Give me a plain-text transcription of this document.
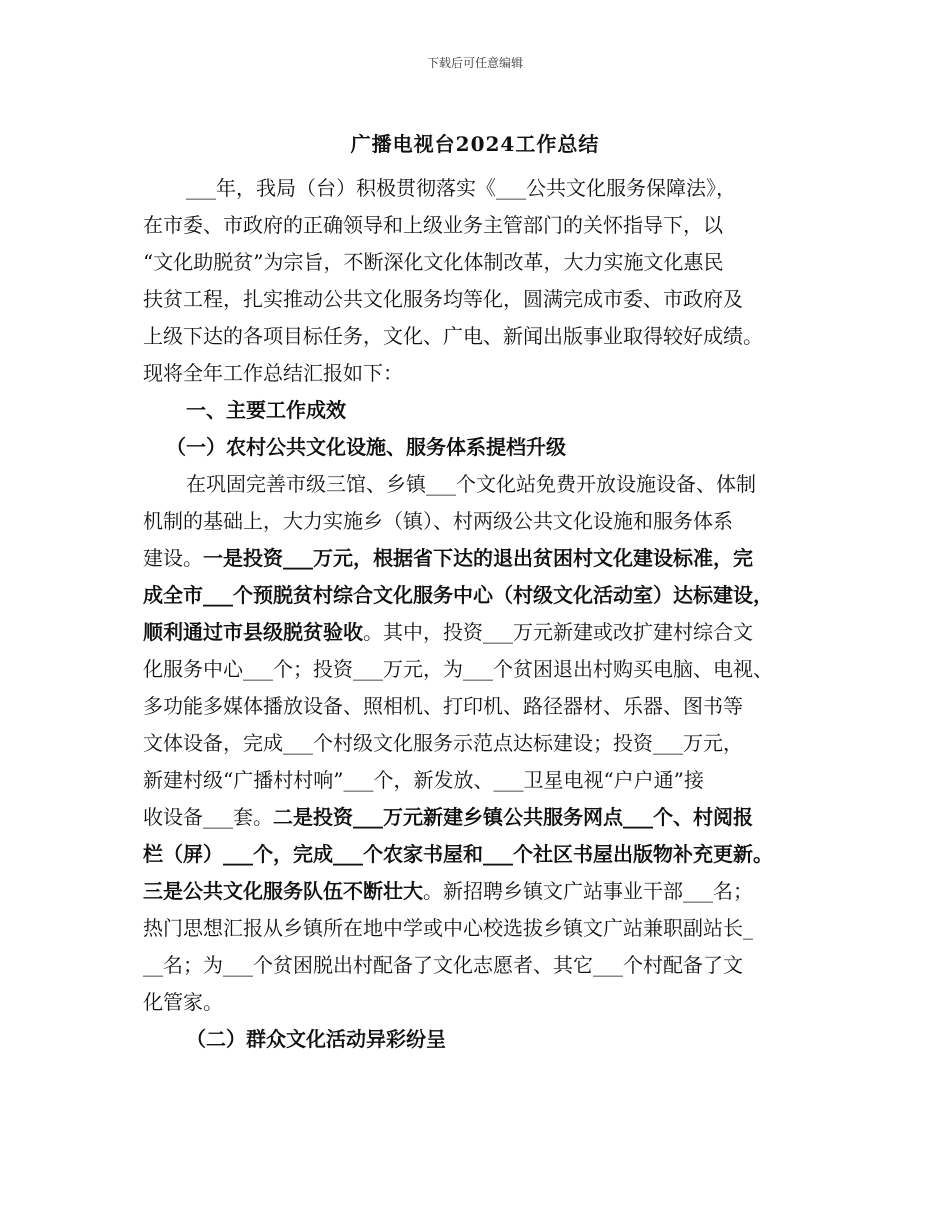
下载后可任意编辑
广播电视台2024工作总结
___年，我局（台）积极贯彻落实《___公共文化服务保障法》，
在市委、市政府的正确领导和上级业务主管部门的关怀指导下，以
“文化助脱贫”为宗旨，不断深化文化体制改革，大力实施文化惠民
扶贫工程，扎实推动公共文化服务均等化，圆满完成市委、市政府及
上级下达的各项目标任务，文化、广电、新闻出版事业取得较好成绩。
现将全年工作总结汇报如下：
一、主要工作成效
（一）农村公共文化设施、服务体系提档升级
在巩固完善市级三馆、乡镇___个文化站免费开放设施设备、体制
机制的基础上，大力实施乡（镇）、村两级公共文化设施和服务体系
建设。一是投资___万元，根据省下达的退出贫困村文化建设标准，完
成全市___个预脱贫村综合文化服务中心（村级文化活动室）达标建设，
顺利通过市县级脱贫验收。其中，投资___万元新建或改扩建村综合文
化服务中心___个；投资___万元，为___个贫困退出村购买电脑、电视、
多功能多媒体播放设备、照相机、打印机、路径器材、乐器、图书等
文体设备，完成___个村级文化服务示范点达标建设；投资___万元，
新建村级“广播村村响”___个，新发放、___卫星电视“户户通”接
收设备___套。二是投资___万元新建乡镇公共服务网点___个、村阅报
栏（屏）___个，完成___个农家书屋和___个社区书屋出版物补充更新。
三是公共文化服务队伍不断壮大。新招聘乡镇文广站事业干部___名；
热门思想汇报从乡镇所在地中学或中心校选拔乡镇文广站兼职副站长_
__名；为___个贫困脱出村配备了文化志愿者、其它___个村配备了文
化管家。
（二）群众文化活动异彩纷呈
